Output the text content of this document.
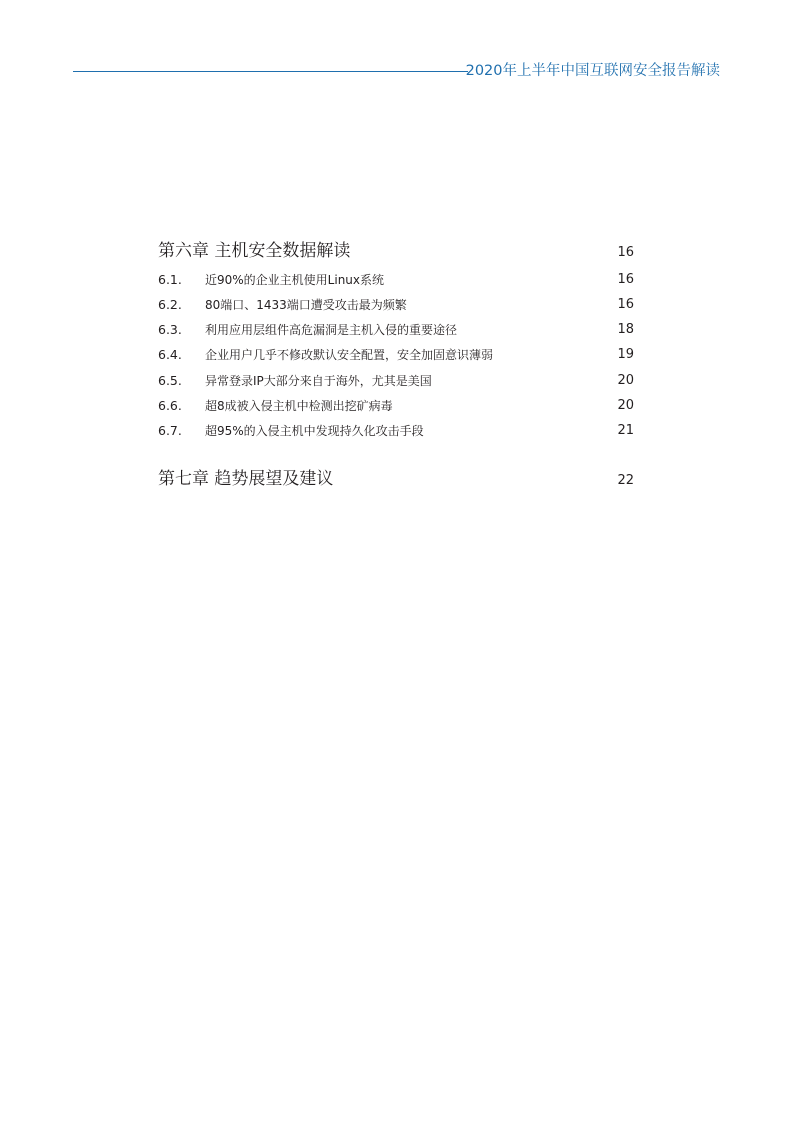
2020年上半年中国互联网安全报告解读
第六章 主机安全数据解读	16
6.1. 近90%的企业主机使用Linux系统	16
6.2. 80端口、1433端口遭受攻击最为频繁	16
6.3. 利用应用层组件高危漏洞是主机入侵的重要途径	18
6.4. 企业用户几乎不修改默认安全配置，安全加固意识薄弱	19
6.5. 异常登录IP大部分来自于海外，尤其是美国	20
6.6. 超8成被入侵主机中检测出挖矿病毒	20
6.7. 超95%的入侵主机中发现持久化攻击手段	21
第七章 趋势展望及建议	22
